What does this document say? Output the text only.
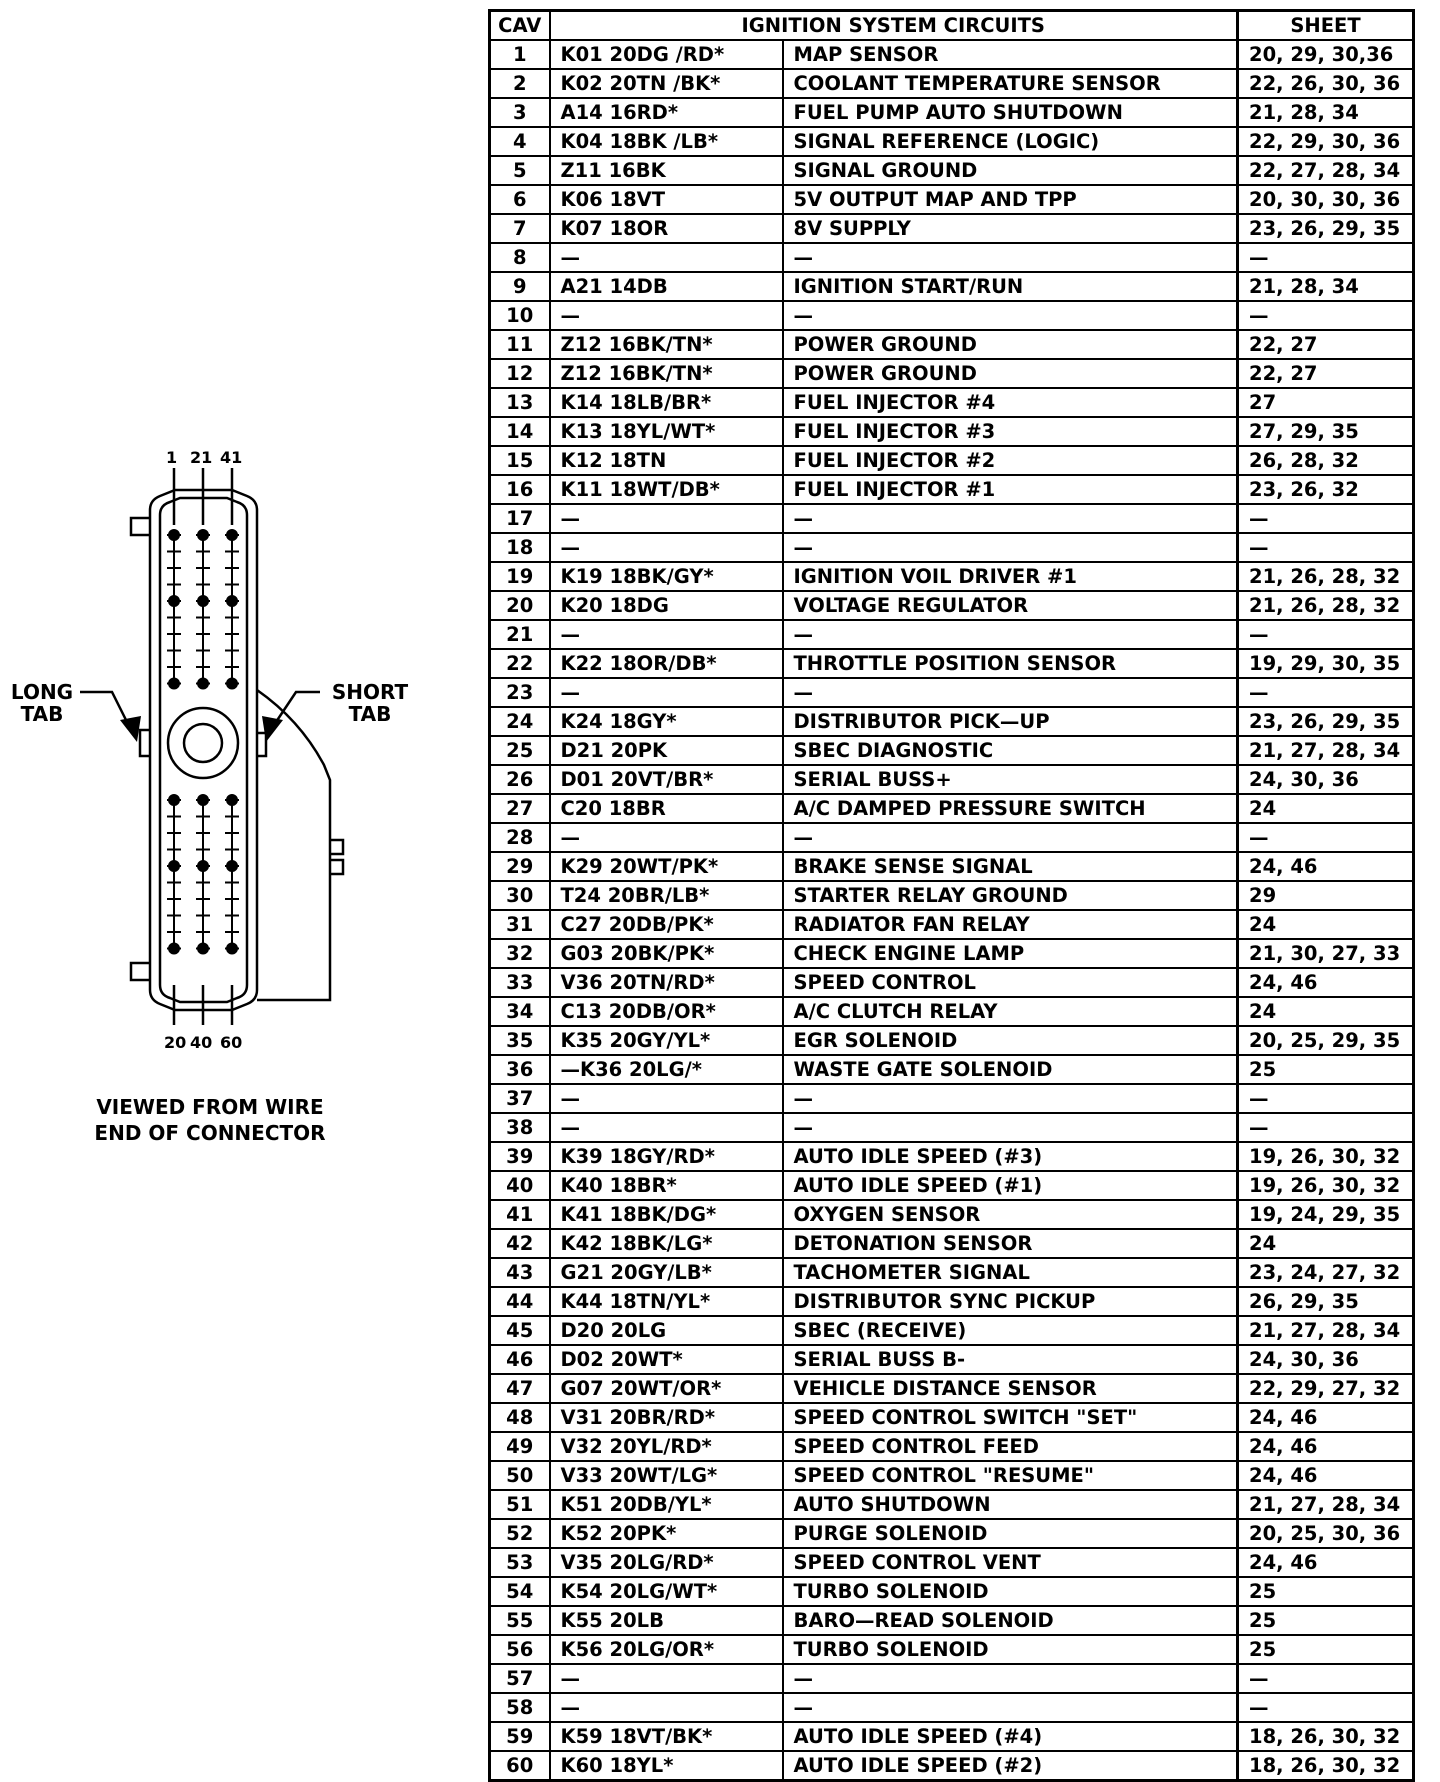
1 21 41
20 40 60
LONG
TAB
SHORT
TAB
VIEWED FROM WIRE
END OF CONNECTOR
CAV	IGNITION SYSTEM CIRCUITS		SHEET
1	K01 20DG /RD*	MAP SENSOR	20, 29, 30,36
2	K02 20TN /BK*	COOLANT TEMPERATURE SENSOR	22, 26, 30, 36
3	A14 16RD*	FUEL PUMP AUTO SHUTDOWN	21, 28, 34
4	K04 18BK /LB*	SIGNAL REFERENCE (LOGIC)	22, 29, 30, 36
5	Z11 16BK	SIGNAL GROUND	22, 27, 28, 34
6	K06 18VT	5V OUTPUT MAP AND TPP	20, 30, 30, 36
7	K07 18OR	8V SUPPLY	23, 26, 29, 35
8	—	—	—
9	A21 14DB	IGNITION START/RUN	21, 28, 34
10	—	—	—
11	Z12 16BK/TN*	POWER GROUND	22, 27
12	Z12 16BK/TN*	POWER GROUND	22, 27
13	K14 18LB/BR*	FUEL INJECTOR #4	27
14	K13 18YL/WT*	FUEL INJECTOR #3	27, 29, 35
15	K12 18TN	FUEL INJECTOR #2	26, 28, 32
16	K11 18WT/DB*	FUEL INJECTOR #1	23, 26, 32
17	—	—	—
18	—	—	—
19	K19 18BK/GY*	IGNITION VOIL DRIVER #1	21, 26, 28, 32
20	K20 18DG	VOLTAGE REGULATOR	21, 26, 28, 32
21	—	—	—
22	K22 18OR/DB*	THROTTLE POSITION SENSOR	19, 29, 30, 35
23	—	—	—
24	K24 18GY*	DISTRIBUTOR PICK—UP	23, 26, 29, 35
25	D21 20PK	SBEC DIAGNOSTIC	21, 27, 28, 34
26	D01 20VT/BR*	SERIAL BUSS+	24, 30, 36
27	C20 18BR	A/C DAMPED PRESSURE SWITCH	24
28	—	—	—
29	K29 20WT/PK*	BRAKE SENSE SIGNAL	24, 46
30	T24 20BR/LB*	STARTER RELAY GROUND	29
31	C27 20DB/PK*	RADIATOR FAN RELAY	24
32	G03 20BK/PK*	CHECK ENGINE LAMP	21, 30, 27, 33
33	V36 20TN/RD*	SPEED CONTROL	24, 46
34	C13 20DB/OR*	A/C CLUTCH RELAY	24
35	K35 20GY/YL*	EGR SOLENOID	20, 25, 29, 35
36	—K36 20LG/*	WASTE GATE SOLENOID	25
37	—	—	—
38	—	—	—
39	K39 18GY/RD*	AUTO IDLE SPEED (#3)	19, 26, 30, 32
40	K40 18BR*	AUTO IDLE SPEED (#1)	19, 26, 30, 32
41	K41 18BK/DG*	OXYGEN SENSOR	19, 24, 29, 35
42	K42 18BK/LG*	DETONATION SENSOR	24
43	G21 20GY/LB*	TACHOMETER SIGNAL	23, 24, 27, 32
44	K44 18TN/YL*	DISTRIBUTOR SYNC PICKUP	26, 29, 35
45	D20 20LG	SBEC (RECEIVE)	21, 27, 28, 34
46	D02 20WT*	SERIAL BUSS B-	24, 30, 36
47	G07 20WT/OR*	VEHICLE DISTANCE SENSOR	22, 29, 27, 32
48	V31 20BR/RD*	SPEED CONTROL SWITCH "SET"	24, 46
49	V32 20YL/RD*	SPEED CONTROL FEED	24, 46
50	V33 20WT/LG*	SPEED CONTROL "RESUME"	24, 46
51	K51 20DB/YL*	AUTO SHUTDOWN	21, 27, 28, 34
52	K52 20PK*	PURGE SOLENOID	20, 25, 30, 36
53	V35 20LG/RD*	SPEED CONTROL VENT	24, 46
54	K54 20LG/WT*	TURBO SOLENOID	25
55	K55 20LB	BARO—READ SOLENOID	25
56	K56 20LG/OR*	TURBO SOLENOID	25
57	—	—	—
58	—	—	—
59	K59 18VT/BK*	AUTO IDLE SPEED (#4)	18, 26, 30, 32
60	K60 18YL*	AUTO IDLE SPEED (#2)	18, 26, 30, 32
